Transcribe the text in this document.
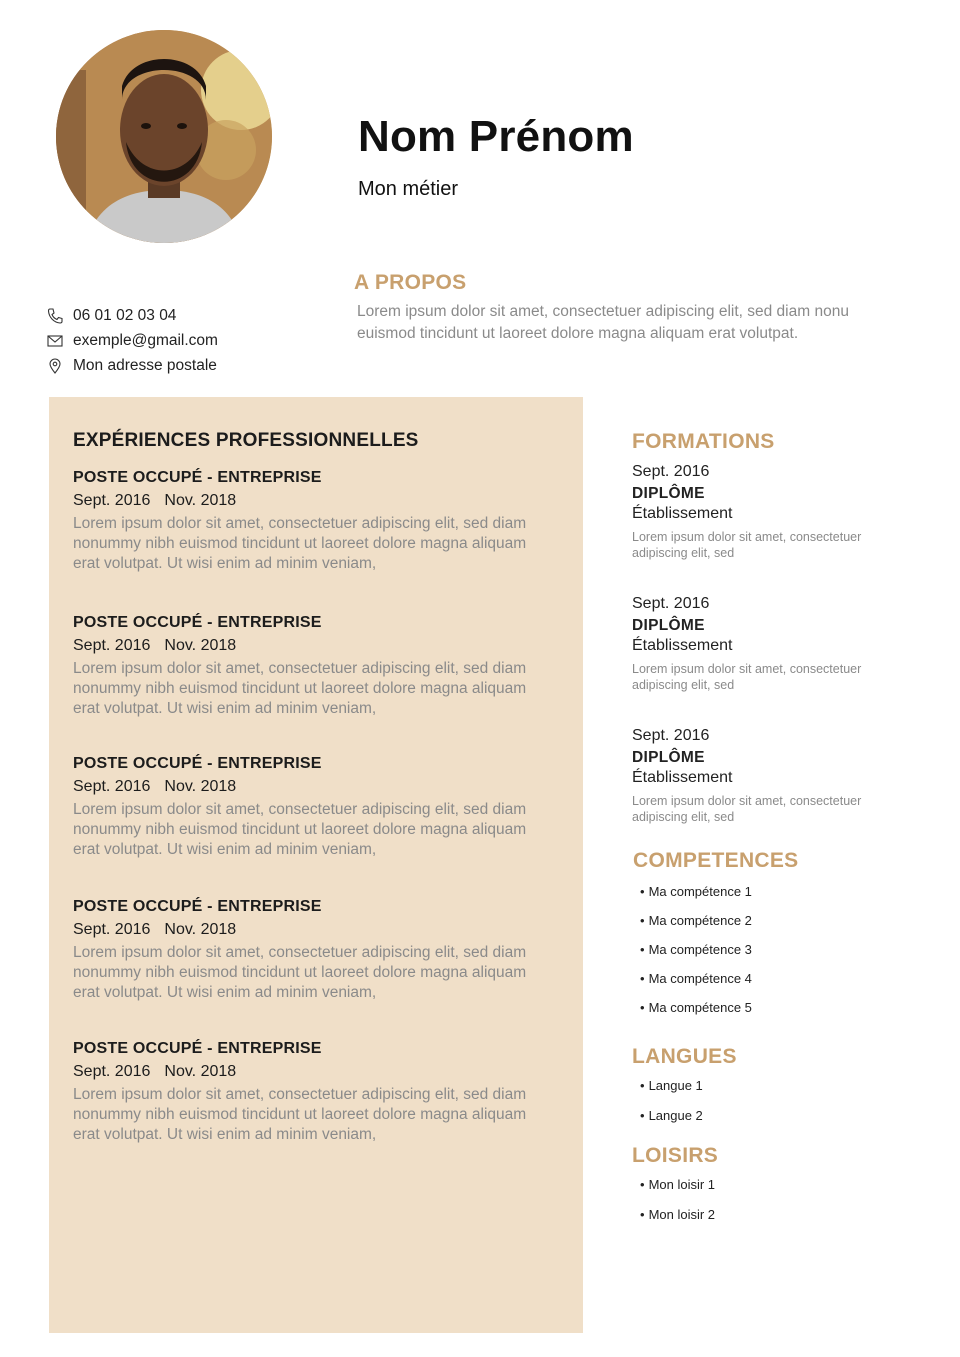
Nom Prénom
Mon métier
A PROPOS
Lorem ipsum dolor sit amet, consectetuer adipiscing elit, sed diam nonu euismod tincidunt ut laoreet dolore magna aliquam erat volutpat.
06 01 02 03 04
exemple@gmail.com
Mon adresse postale
EXPÉRIENCES PROFESSIONNELLES
POSTE OCCUPÉ - ENTREPRISE
Sept. 2016 Nov. 2018
Lorem ipsum dolor sit amet, consectetuer adipiscing elit, sed diam nonummy nibh euismod tincidunt ut laoreet dolore magna aliquam erat volutpat. Ut wisi enim ad minim veniam,
POSTE OCCUPÉ - ENTREPRISE
Sept. 2016 Nov. 2018
Lorem ipsum dolor sit amet, consectetuer adipiscing elit, sed diam nonummy nibh euismod tincidunt ut laoreet dolore magna aliquam erat volutpat. Ut wisi enim ad minim veniam,
POSTE OCCUPÉ - ENTREPRISE
Sept. 2016 Nov. 2018
Lorem ipsum dolor sit amet, consectetuer adipiscing elit, sed diam nonummy nibh euismod tincidunt ut laoreet dolore magna aliquam erat volutpat. Ut wisi enim ad minim veniam,
POSTE OCCUPÉ - ENTREPRISE
Sept. 2016 Nov. 2018
Lorem ipsum dolor sit amet, consectetuer adipiscing elit, sed diam nonummy nibh euismod tincidunt ut laoreet dolore magna aliquam erat volutpat. Ut wisi enim ad minim veniam,
POSTE OCCUPÉ - ENTREPRISE
Sept. 2016 Nov. 2018
Lorem ipsum dolor sit amet, consectetuer adipiscing elit, sed diam nonummy nibh euismod tincidunt ut laoreet dolore magna aliquam erat volutpat. Ut wisi enim ad minim veniam,
FORMATIONS
Sept. 2016
DIPLÔME
Établissement
Lorem ipsum dolor sit amet, consectetuer adipiscing elit, sed
Sept. 2016
DIPLÔME
Établissement
Lorem ipsum dolor sit amet, consectetuer adipiscing elit, sed
Sept. 2016
DIPLÔME
Établissement
Lorem ipsum dolor sit amet, consectetuer adipiscing elit, sed
COMPETENCES
• Ma compétence 1
• Ma compétence 2
• Ma compétence 3
• Ma compétence 4
• Ma compétence 5
LANGUES
• Langue 1
• Langue 2
LOISIRS
• Mon loisir 1
• Mon loisir 2
